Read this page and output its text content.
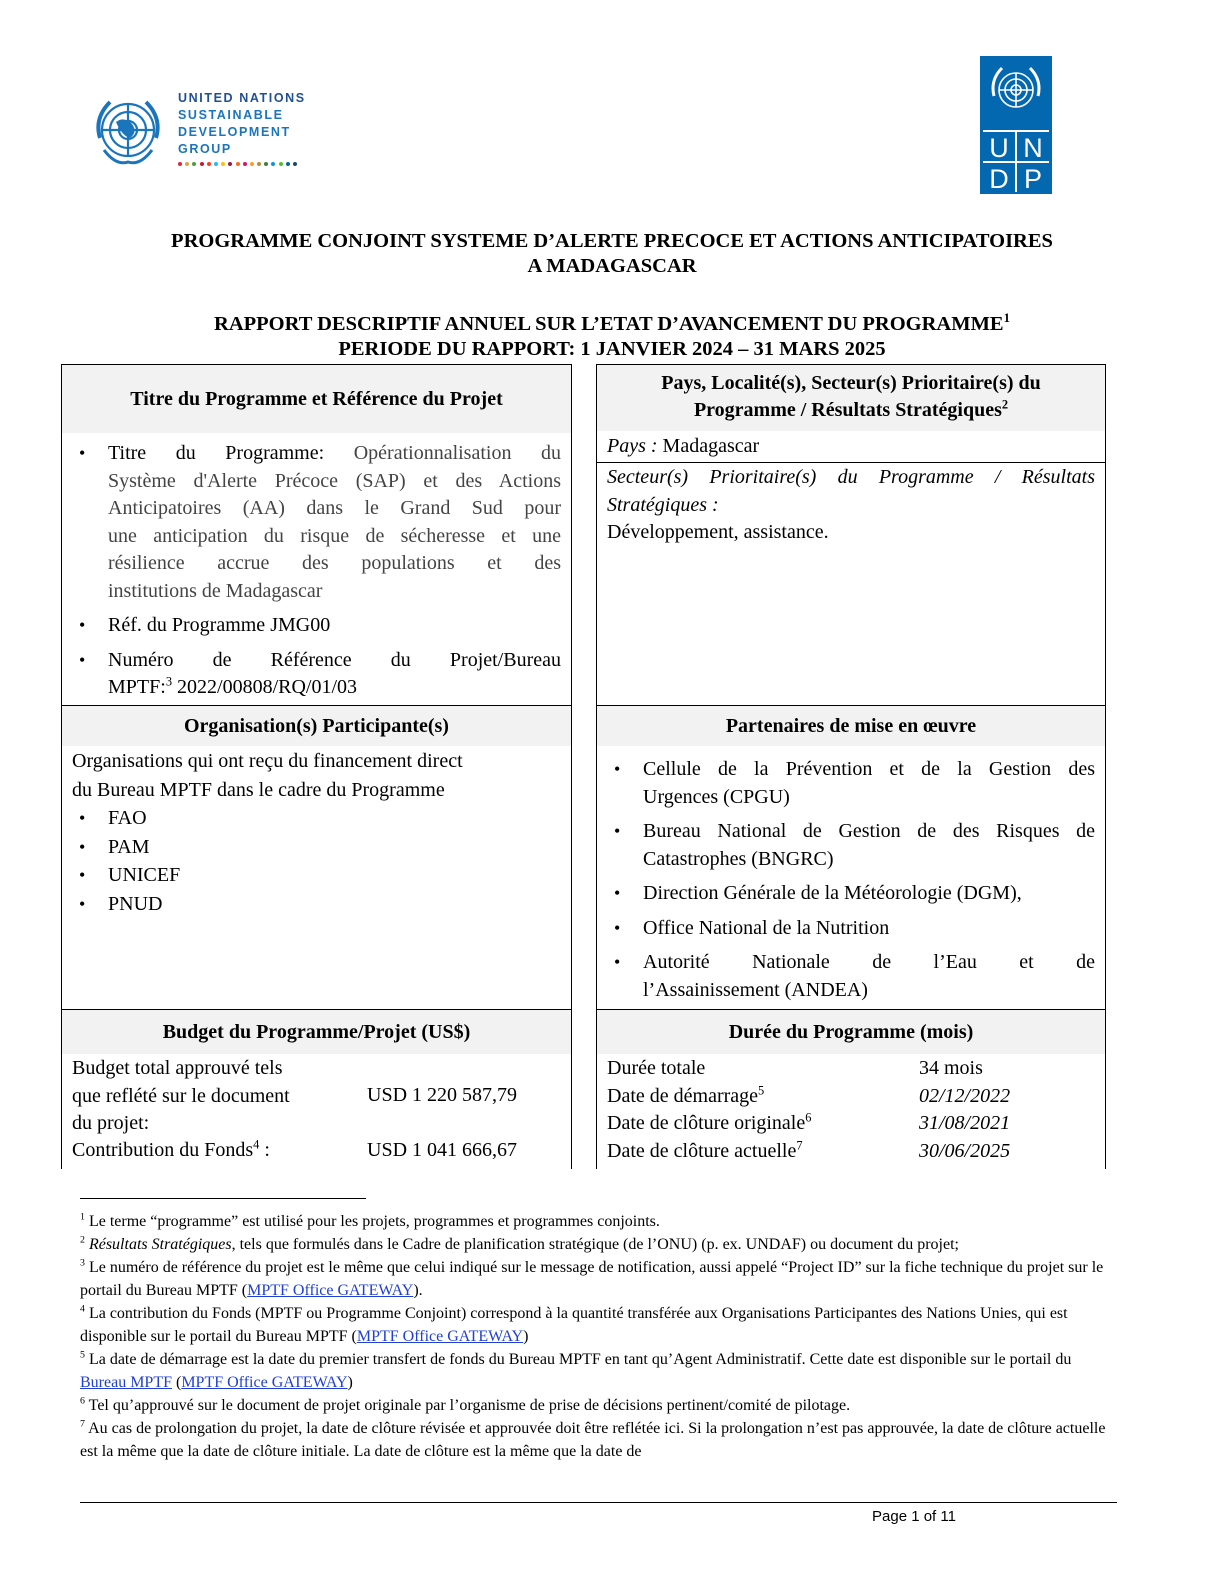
UNITED NATIONS
SUSTAINABLE
DEVELOPMENT
GROUP	U N
D P
PROGRAMME CONJOINT SYSTEME D’ALERTE PRECOCE ET ACTIONS ANTICIPATOIRES
A MADAGASCAR
RAPPORT DESCRIPTIF ANNUEL SUR L’ETAT D’AVANCEMENT DU PROGRAMME$^1$
PERIODE DU RAPPORT: 1 JANVIER 2024 – 31 MARS 2025
Titre du Programme et Référence du Projet
• Titre du Programme: Opérationnalisation du
Système d'Alerte Précoce (SAP) et des Actions
Anticipatoires (AA) dans le Grand Sud pour
une anticipation du risque de sécheresse et une
résilience accrue des populations et des
institutions de Madagascar
• Réf. du Programme JMG00
• Numéro de Référence du Projet/Bureau
MPTF:$^3$ 2022/00808/RQ/01/03
Pays, Localité(s), Secteur(s) Prioritaire(s) du
Programme / Résultats Stratégiques$^2$
Pays : Madagascar
Secteur(s) Prioritaire(s) du Programme / Résultats
Stratégiques :
Développement, assistance.
Organisation(s) Participante(s)
Organisations qui ont reçu du financement direct
du Bureau MPTF dans le cadre du Programme
• FAO
• PAM
• UNICEF
• PNUD
Partenaires de mise en œuvre
• Cellule de la Prévention et de la Gestion des
Urgences (CPGU)
• Bureau National de Gestion de des Risques de
Catastrophes (BNGRC)
• Direction Générale de la Météorologie (DGM),
• Office National de la Nutrition
• Autorité Nationale de l’Eau et de
l’Assainissement (ANDEA)
Budget du Programme/Projet (US$)
Budget total approuvé tels
que reflété sur le document
du projet:
USD 1 220 587,79
Contribution du Fonds$^4$ :	USD 1 041 666,67
Durée du Programme (mois)
Durée totale	34 mois
Date de démarrage$^5$	02/12/2022
Date de clôture originale$^6$	31/08/2021
Date de clôture actuelle$^7$	30/06/2025

$^1$ Le terme “programme” est utilisé pour les projets, programmes et programmes conjoints.

$^2$ Résultats Stratégiques, tels que formulés dans le Cadre de planification stratégique (de l’ONU) (p. ex. UNDAF) ou document du projet;

$^3$ Le numéro de référence du projet est le même que celui indiqué sur le message de notification, aussi appelé “Project ID” sur la fiche technique du projet sur le portail du Bureau MPTF (MPTF Office GATEWAY).

$^4$ La contribution du Fonds (MPTF ou Programme Conjoint) correspond à la quantité transférée aux Organisations Participantes des Nations Unies, qui est disponible sur le portail du Bureau MPTF (MPTF Office GATEWAY)

$^5$ La date de démarrage est la date du premier transfert de fonds du Bureau MPTF en tant qu’Agent Administratif. Cette date est disponible sur le portail du Bureau MPTF (MPTF Office GATEWAY)

$^6$ Tel qu’approuvé sur le document de projet originale par l’organisme de prise de décisions pertinent/comité de pilotage.

$^7$ Au cas de prolongation du projet, la date de clôture révisée et approuvée doit être reflétée ici. Si la prolongation n’est pas approuvée, la date de clôture actuelle est la même que la date de clôture initiale. La date de clôture est la même que la date de

Page 1 of 11
